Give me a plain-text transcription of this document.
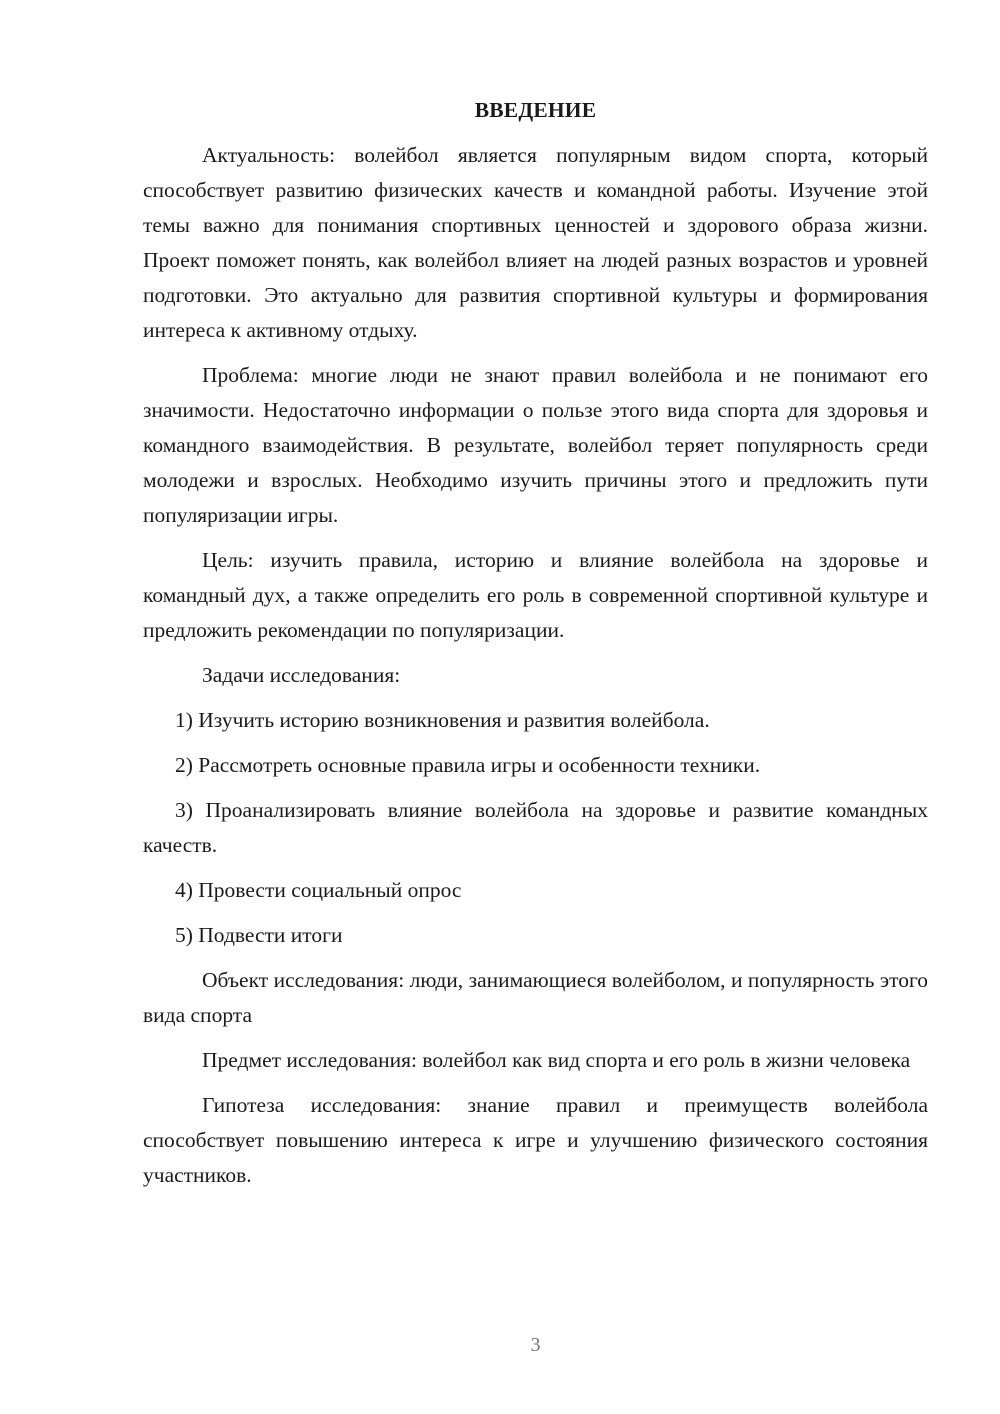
ВВЕДЕНИЕ

Актуальность: волейбол является популярным видом спорта, который способствует развитию физических качеств и командной работы. Изучение этой темы важно для понимания спортивных ценностей и здорового образа жизни. Проект поможет понять, как волейбол влияет на людей разных возрастов и уровней подготовки. Это актуально для развития спортивной культуры и формирования интереса к активному отдыху.

Проблема: многие люди не знают правил волейбола и не понимают его значимости. Недостаточно информации о пользе этого вида спорта для здоровья и командного взаимодействия. В результате, волейбол теряет популярность среди молодежи и взрослых. Необходимо изучить причины этого и предложить пути популяризации игры.

Цель: изучить правила, историю и влияние волейбола на здоровье и командный дух, а также определить его роль в современной спортивной культуре и предложить рекомендации по популяризации.

Задачи исследования:

1) Изучить историю возникновения и развития волейбола.

2) Рассмотреть основные правила игры и особенности техники.

3) Проанализировать влияние волейбола на здоровье и развитие командных качеств.

4) Провести социальный опрос

5) Подвести итоги

Объект исследования: люди, занимающиеся волейболом, и популярность этого вида спорта

Предмет исследования: волейбол как вид спорта и его роль в жизни человека

Гипотеза исследования: знание правил и преимуществ волейбола способствует повышению интереса к игре и улучшению физического состояния участников.

3
